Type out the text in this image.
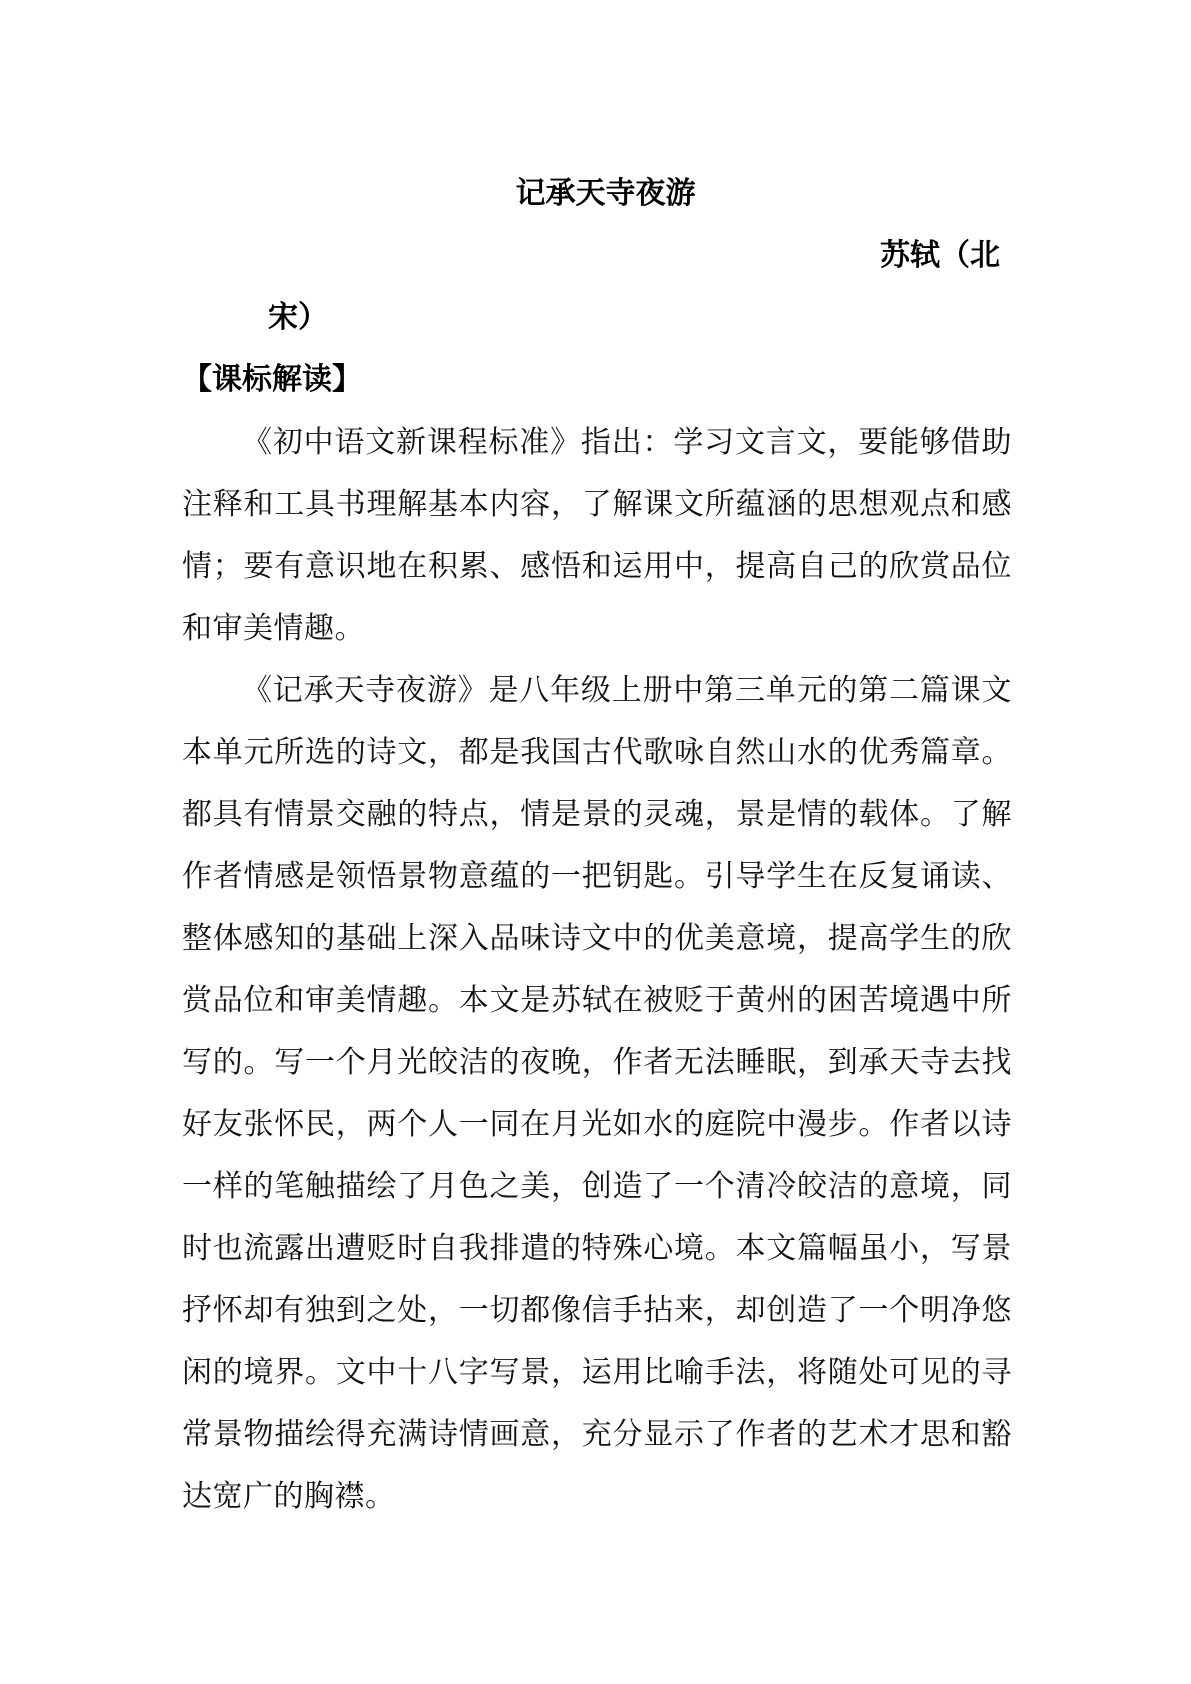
记承天寺夜游
苏轼（北
宋）
【课标解读】

《初中语文新课程标准》指出：学习文言文，要能够借助注释和工具书理解基本内容，了解课文所蕴涵的思想观点和感情；要有意识地在积累、感悟和运用中，提高自己的欣赏品位和审美情趣。

《记承天寺夜游》是八年级上册中第三单元的第二篇课文本单元所选的诗文，都是我国古代歌咏自然山水的优秀篇章。都具有情景交融的特点，情是景的灵魂，景是情的载体。了解作者情感是领悟景物意蕴的一把钥匙。引导学生在反复诵读、整体感知的基础上深入品味诗文中的优美意境，提高学生的欣赏品位和审美情趣。本文是苏轼在被贬于黄州的困苦境遇中所写的。写一个月光皎洁的夜晚，作者无法睡眠，到承天寺去找好友张怀民，两个人一同在月光如水的庭院中漫步。作者以诗一样的笔触描绘了月色之美，创造了一个清冷皎洁的意境，同时也流露出遭贬时自我排遣的特殊心境。本文篇幅虽小，写景抒怀却有独到之处，一切都像信手拈来，却创造了一个明净悠闲的境界。文中十八字写景，运用比喻手法，将随处可见的寻常景物描绘得充满诗情画意，充分显示了作者的艺术才思和豁达宽广的胸襟。
